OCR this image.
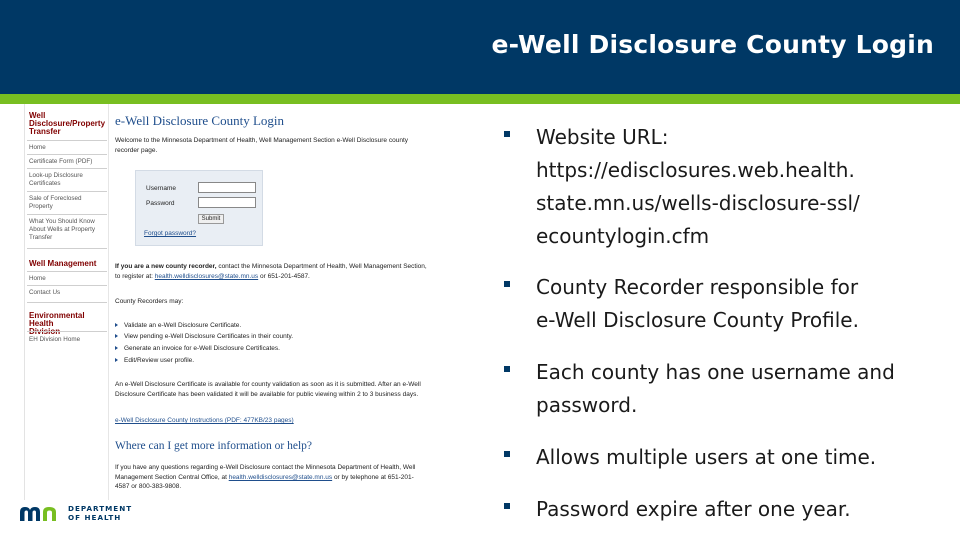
e-Well Disclosure County Login
Well
Disclosure/Property
Transfer
Home
Certificate Form (PDF)
Look-up Disclosure
Certificates
Sale of Foreclosed
Property
What You Should Know
About Wells at Property
Transfer
Well Management
Home
Contact Us
Environmental Health
EH Division Home
e-Well Disclosure County Login
Welcome to the Minnesota Department of Health, Well Management Section e-Well Disclosure county
recorder page.
Username
Password
Submit
Forgot password?
If you are a new county recorder, contact the Minnesota Department of Health, Well Management Section,
to register at: health.welldisclosures@state.mn.us or 651-201-4587.
County Recorders may:
Validate an e-Well Disclosure Certificate.
View pending e-Well Disclosure Certificates in their county.
Generate an invoice for e-Well Disclosure Certificates.
Edit/Review user profile.
An e-Well Disclosure Certificate is available for county validation as soon as it is submitted. After an e-Well
Disclosure Certificate has been validated it will be available for public viewing within 2 to 3 business days.
e-Well Disclosure County Instructions (PDF: 477KB/23 pages)
Where can I get more information or help?
If you have any questions regarding e-Well Disclosure contact the Minnesota Department of Health, Well
Management Section Central Office, at health.welldisclosures@state.mn.us or by telephone at 651-201-
4587 or 800-383-9808.
DEPARTMENT
OF HEALTH
Website URL:
https://edisclosures.web.health.
state.mn.us/wells-disclosure-ssl/
ecountylogin.cfm
County Recorder responsible for
e-Well Disclosure County Profile.
Each county has one username and
password.
Allows multiple users at one time.
Password expire after one year.
